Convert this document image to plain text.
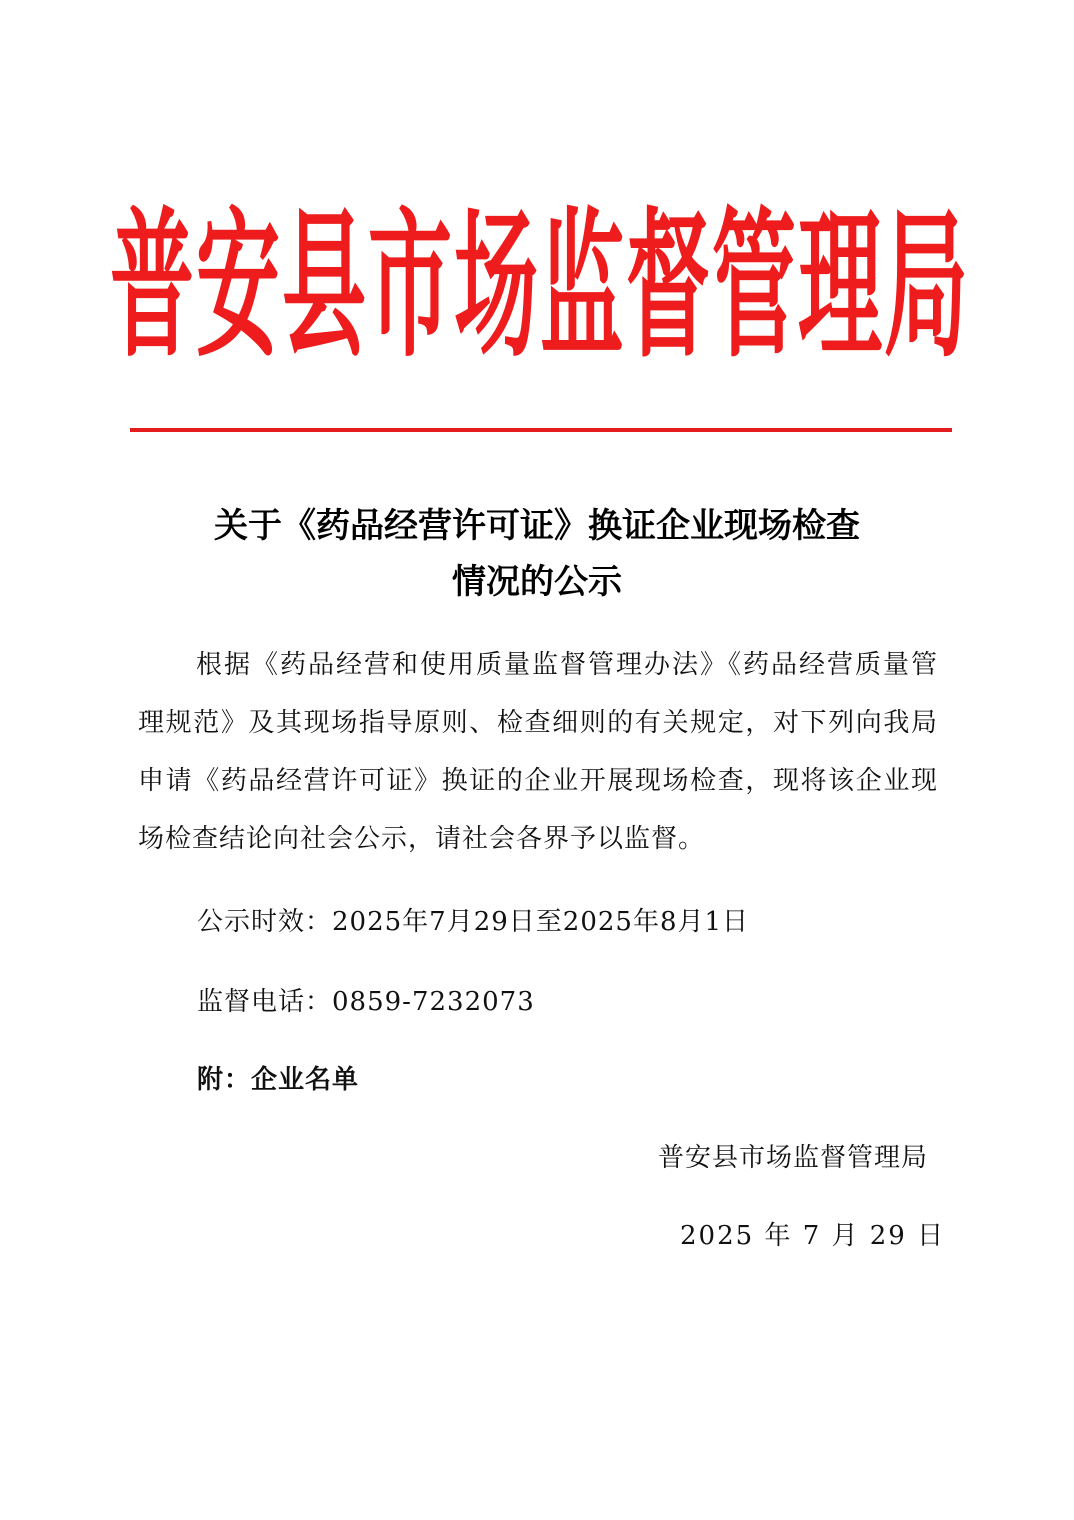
普安县市场监督管理局
关于《药品经营许可证》换证企业现场检查
情况的公示
根据《药品经营和使用质量监督管理办法》《药品经营质量管理规范》及其现场指导原则、检查细则的有关规定，对下列向我局申请《药品经营许可证》换证的企业开展现场检查，现将该企业现场检查结论向社会公示，请社会各界予以监督。
公示时效：2025年7月29日至2025年8月1日
监督电话：0859-7232073
附：企业名单
普安县市场监督管理局
2025 年 7 月 29 日
